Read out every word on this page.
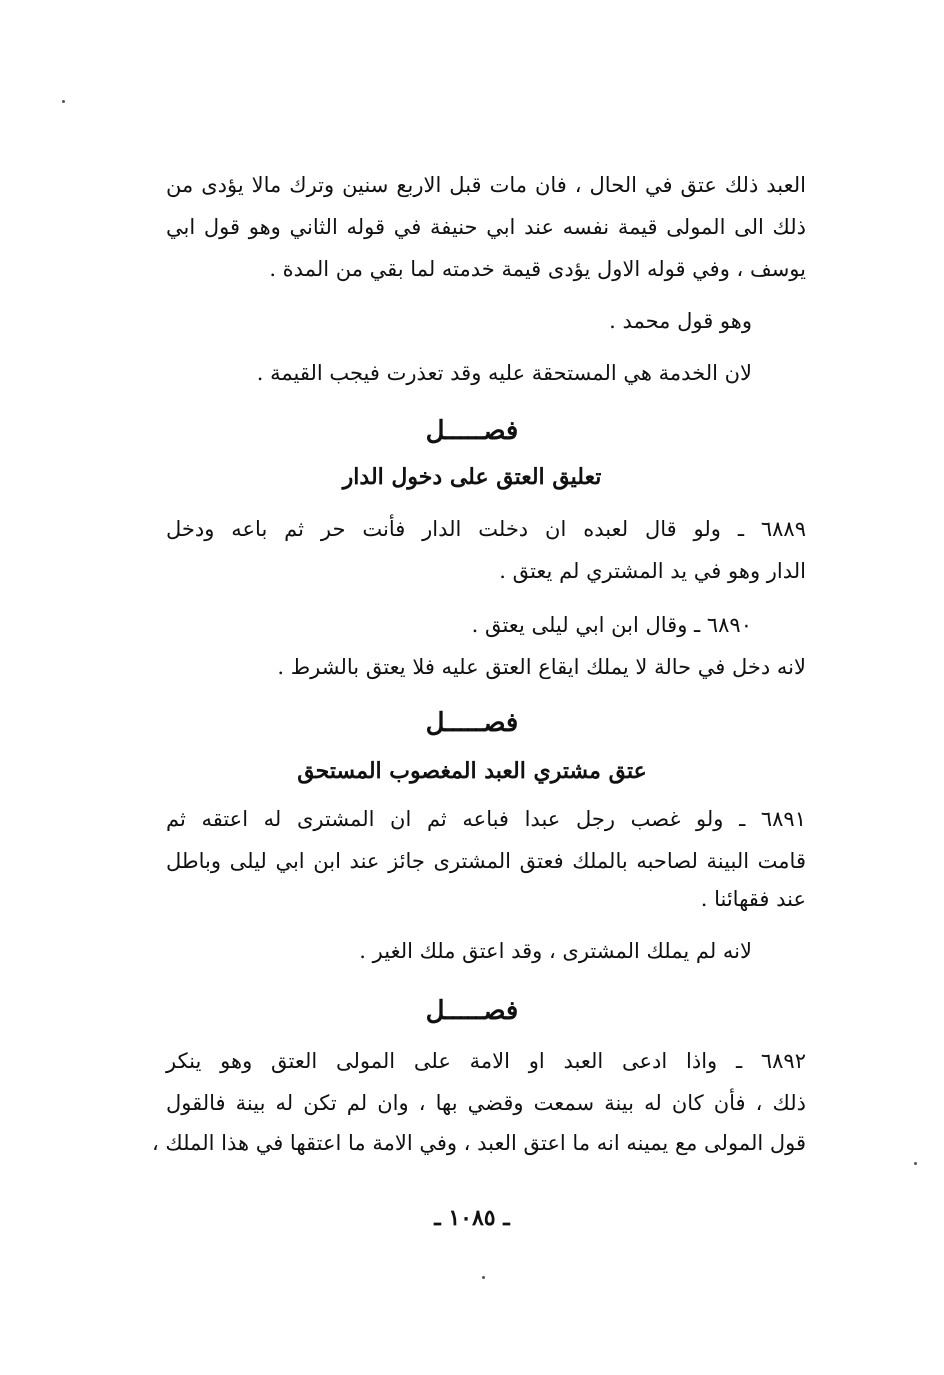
العبد ذلك عتق في الحال ، فان مات قبل الاربع سنين وترك مالا يؤدى من
ذلك الى المولى قيمة نفسه عند ابي حنيفة في قوله الثاني وهو قول ابي
يوسف ، وفي قوله الاول يؤدى قيمة خدمته لما بقي من المدة .
وهو قول محمد .
لان الخدمة هي المستحقة عليه وقد تعذرت فيجب القيمة .
فصـــــل
تعليق العتق على دخول الدار
٦٨٨٩ ـ ولو قال لعبده ان دخلت الدار فأنت حر ثم باعه ودخل
الدار وهو في يد المشتري لم يعتق .
٦٨٩٠ ـ وقال ابن ابي ليلى يعتق .
لانه دخل في حالة لا يملك ايقاع العتق عليه فلا يعتق بالشرط .
فصـــــل
عتق مشتري العبد المغصوب المستحق
٦٨٩١ ـ ولو غصب رجل عبدا فباعه ثم ان المشترى له اعتقه ثم
قامت البينة لصاحبه بالملك فعتق المشترى جائز عند ابن ابي ليلى وباطل
عند فقهائنا .
لانه لم يملك المشترى ، وقد اعتق ملك الغير .
فصـــــل
٦٨٩٢ ـ واذا ادعى العبد او الامة على المولى العتق وهو ينكر
ذلك ، فأن كان له بينة سمعت وقضي بها ، وان لم تكن له بينة فالقول
قول المولى مع يمينه انه ما اعتق العبد ، وفي الامة ما اعتقها في هذا الملك ،
ـ ١٠٨٥ ـ
